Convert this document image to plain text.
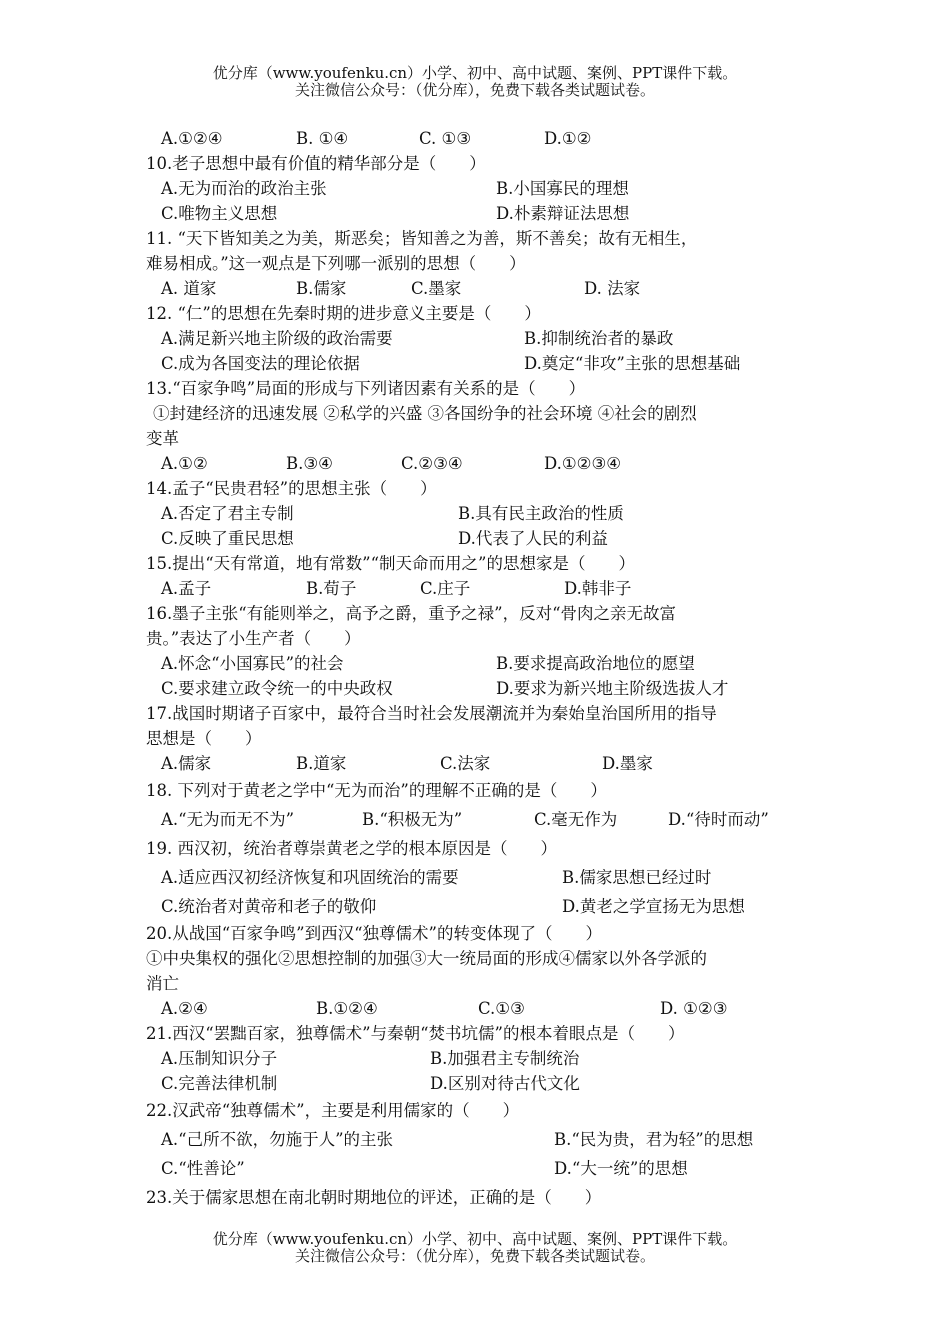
优分库（www.youfenku.cn）小学、初中、高中试题、案例、PPT课件下载。
关注微信公众号：（优分库），免费下载各类试题试卷。
A.①②④	B. ①④	C. ①③	D.①②
10.老子思想中最有价值的精华部分是（　　）
A.无为而治的政治主张	B.小国寡民的理想
C.唯物主义思想	D.朴素辩证法思想
11. “天下皆知美之为美，斯恶矣；皆知善之为善，斯不善矣；故有无相生，
难易相成。”这一观点是下列哪一派别的思想（　　）
A. 道家	B.儒家	C.墨家	D. 法家
12. “仁”的思想在先秦时期的进步意义主要是（　　）
A.满足新兴地主阶级的政治需要	B.抑制统治者的暴政
C.成为各国变法的理论依据	D.奠定“非攻”主张的思想基础
13.“百家争鸣”局面的形成与下列诸因素有关系的是（　　）
①封建经济的迅速发展 ②私学的兴盛 ③各国纷争的社会环境 ④社会的剧烈
变革
A.①②	B.③④	C.②③④	D.①②③④
14.孟子“民贵君轻”的思想主张（　　）
A.否定了君主专制	B.具有民主政治的性质
C.反映了重民思想	D.代表了人民的利益
15.提出“天有常道，地有常数”“制天命而用之”的思想家是（　　）
A.孟子	B.荀子	C.庄子	D.韩非子
16.墨子主张“有能则举之，高予之爵，重予之禄”，反对“骨肉之亲无故富
贵。”表达了小生产者（　　）
A.怀念“小国寡民”的社会	B.要求提高政治地位的愿望
C.要求建立政令统一的中央政权	D.要求为新兴地主阶级选拔人才
17.战国时期诸子百家中，最符合当时社会发展潮流并为秦始皇治国所用的指导
思想是（　　）
A.儒家	B.道家	C.法家	D.墨家
18. 下列对于黄老之学中“无为而治”的理解不正确的是（　　）
A.“无为而无不为”	B.“积极无为”	C.毫无作为	D.“待时而动”
19. 西汉初，统治者尊崇黄老之学的根本原因是（　　）
A.适应西汉初经济恢复和巩固统治的需要	B.儒家思想已经过时
C.统治者对黄帝和老子的敬仰	D.黄老之学宣扬无为思想
20.从战国“百家争鸣”到西汉“独尊儒术”的转变体现了（　　）
①中央集权的强化②思想控制的加强③大一统局面的形成④儒家以外各学派的
消亡
A.②④	B.①②④	C.①③	D. ①②③
21.西汉“罢黜百家，独尊儒术”与秦朝“焚书坑儒”的根本着眼点是（　　）
A.压制知识分子	B.加强君主专制统治
C.完善法律机制	D.区别对待古代文化
22.汉武帝“独尊儒术”，主要是利用儒家的（　　）
A.“己所不欲，勿施于人”的主张	B.“民为贵，君为轻”的思想
C.“性善论”	D.“大一统”的思想
23.关于儒家思想在南北朝时期地位的评述，正确的是（　　）
优分库（www.youfenku.cn）小学、初中、高中试题、案例、PPT课件下载。
关注微信公众号：（优分库），免费下载各类试题试卷。
